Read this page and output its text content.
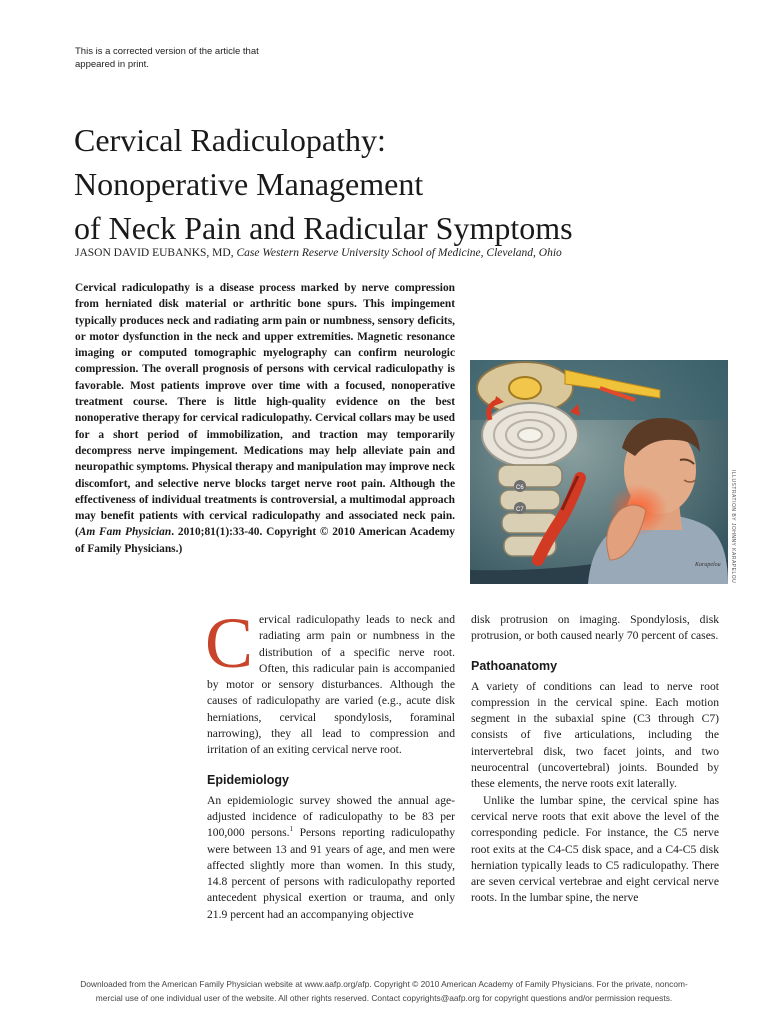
This is a corrected version of the article that appeared in print.
Cervical Radiculopathy:
Nonoperative Management
of Neck Pain and Radicular Symptoms
JASON DAVID EUBANKS, MD, Case Western Reserve University School of Medicine, Cleveland, Ohio
Cervical radiculopathy is a disease process marked by nerve compression from herniated disk material or arthritic bone spurs. This impingement typically produces neck and radiating arm pain or numbness, sensory deficits, or motor dysfunction in the neck and upper extremities. Magnetic resonance imaging or computed tomographic myelography can confirm neurologic compression. The overall prognosis of persons with cervical radiculopathy is favorable. Most patients improve over time with a focused, nonoperative treatment course. There is little high-quality evidence on the best nonoperative therapy for cervical radiculopathy. Cervical collars may be used for a short period of immobilization, and traction may temporarily decompress nerve impingement. Medications may help alleviate pain and neuropathic symptoms. Physical therapy and manipulation may improve neck discomfort, and selective nerve blocks target nerve root pain. Although the effectiveness of individual treatments is controversial, a multimodal approach may benefit patients with cervical radiculopathy and associated neck pain. (Am Fam Physician. 2010;81(1):33-40. Copyright © 2010 American Academy of Family Physicians.)
C6
C7
Karapelou ILLUSTRATION BY JOHNNY KARAPELOU

Cervical radiculopathy leads to neck and radiating arm pain or numbness in the distribution of a specific nerve root. Often, this radicular pain is accompanied by motor or sensory disturbances. Although the causes of radiculopathy are varied (e.g., acute disk herniations, cervical spondylosis, foraminal narrowing), they all lead to compression and irritation of an exiting cervical nerve root.

Epidemiology

An epidemiologic survey showed the annual age-adjusted incidence of radiculopathy to be 83 per 100,000 persons.$^1$ Persons reporting radiculopathy were between 13 and 91 years of age, and men were affected slightly more than women. In this study, 14.8 percent of persons with radiculopathy reported antecedent physical exertion or trauma, and only 21.9 percent had an accompanying objective

disk protrusion on imaging. Spondylosis, disk protrusion, or both caused nearly 70 percent of cases.

Pathoanatomy

A variety of conditions can lead to nerve root compression in the cervical spine. Each motion segment in the subaxial spine (C3 through C7) consists of five articulations, including the intervertebral disk, two facet joints, and two neurocentral (uncovertebral) joints. Bounded by these elements, the nerve roots exit laterally.

Unlike the lumbar spine, the cervical spine has cervical nerve roots that exit above the level of the corresponding pedicle. For instance, the C5 nerve root exits at the C4-C5 disk space, and a C4-C5 disk herniation typically leads to C5 radiculopathy. There are seven cervical vertebrae and eight cervical nerve roots. In the lumbar spine, the nerve

Downloaded from the American Family Physician website at www.aafp.org/afp. Copyright © 2010 American Academy of Family Physicians. For the private, noncom-
mercial use of one individual user of the website. All other rights reserved. Contact copyrights@aafp.org for copyright questions and/or permission requests.
